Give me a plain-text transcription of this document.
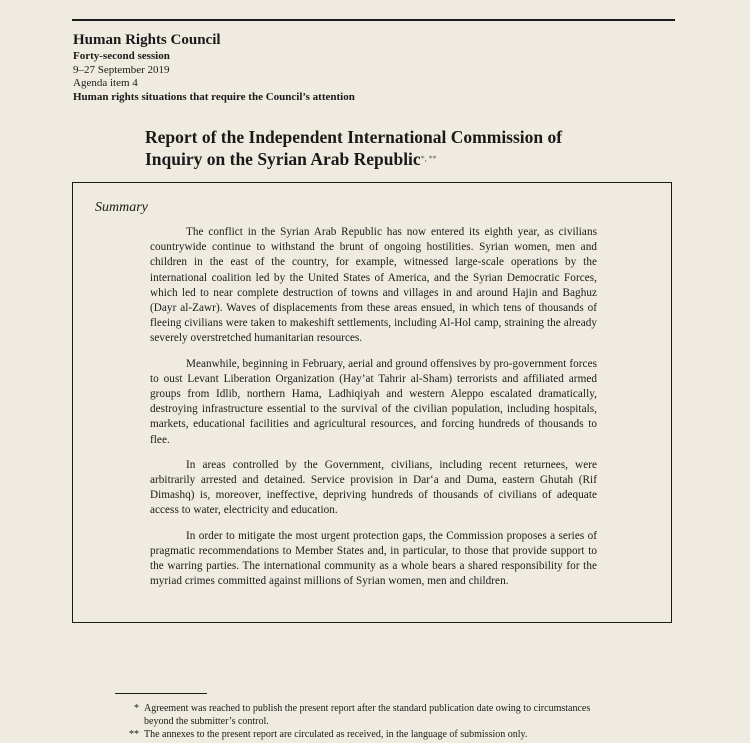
Human Rights Council

Forty-second session

9–27 September 2019

Agenda item 4

Human rights situations that require the Council’s attention

Report of the Independent International Commission of Inquiry on the Syrian Arab Republic*, **

Summary

The conflict in the Syrian Arab Republic has now entered its eighth year, as civilians countrywide continue to withstand the brunt of ongoing hostilities. Syrian women, men and children in the east of the country, for example, witnessed large-scale operations by the international coalition led by the United States of America, and the Syrian Democratic Forces, which led to near complete destruction of towns and villages in and around Hajin and Baghuz (Dayr al-Zawr). Waves of displacements from these areas ensued, in which tens of thousands of fleeing civilians were taken to makeshift settlements, including Al-Hol camp, straining the already severely overstretched humanitarian resources.

Meanwhile, beginning in February, aerial and ground offensives by pro-government forces to oust Levant Liberation Organization (Hay’at Tahrir al-Sham) terrorists and affiliated armed groups from Idlib, northern Hama, Ladhiqiyah and western Aleppo escalated dramatically, destroying infrastructure essential to the survival of the civilian population, including hospitals, markets, educational facilities and agricultural resources, and forcing hundreds of thousands to flee.

In areas controlled by the Government, civilians, including recent returnees, were arbitrarily arrested and detained. Service provision in Dar‘a and Duma, eastern Ghutah (Rif Dimashq) is, moreover, ineffective, depriving hundreds of thousands of civilians of adequate access to water, electricity and education.

In order to mitigate the most urgent protection gaps, the Commission proposes a series of pragmatic recommendations to Member States and, in particular, to those that provide support to the warring parties. The international community as a whole bears a shared responsibility for the myriad crimes committed against millions of Syrian women, men and children.

* Agreement was reached to publish the present report after the standard publication date owing to circumstances beyond the submitter’s control.

** The annexes to the present report are circulated as received, in the language of submission only.
